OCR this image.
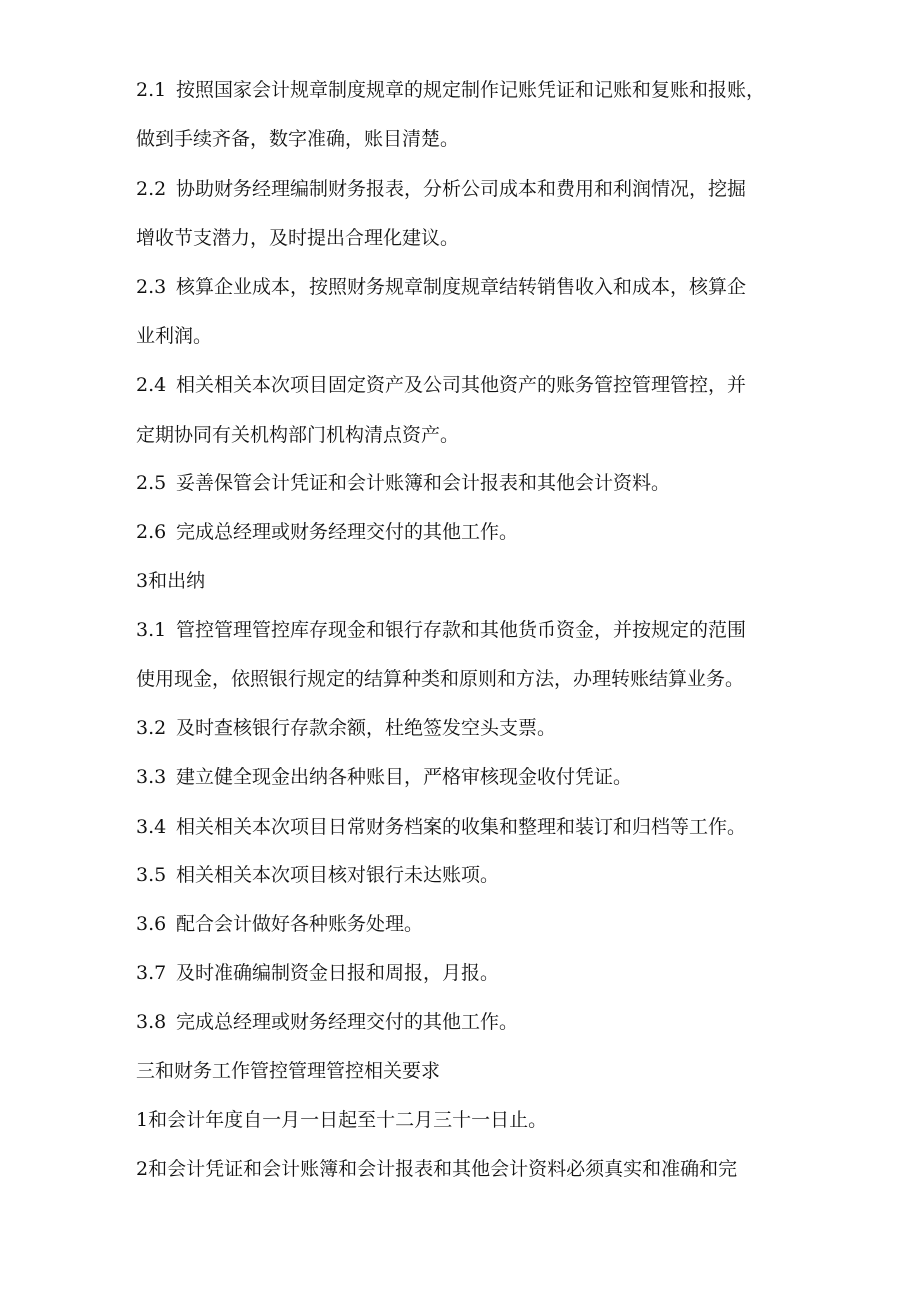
2.1 按照国家会计规章制度规章的规定制作记账凭证和记账和复账和报账，
做到手续齐备，数字准确，账目清楚。
2.2 协助财务经理编制财务报表，分析公司成本和费用和利润情况，挖掘
增收节支潜力，及时提出合理化建议。
2.3 核算企业成本，按照财务规章制度规章结转销售收入和成本，核算企
业利润。
2.4 相关相关本次项目固定资产及公司其他资产的账务管控管理管控，并
定期协同有关机构部门机构清点资产。
2.5 妥善保管会计凭证和会计账簿和会计报表和其他会计资料。
2.6 完成总经理或财务经理交付的其他工作。
3和出纳
3.1 管控管理管控库存现金和银行存款和其他货币资金，并按规定的范围
使用现金，依照银行规定的结算种类和原则和方法，办理转账结算业务。
3.2 及时查核银行存款余额，杜绝签发空头支票。
3.3 建立健全现金出纳各种账目，严格审核现金收付凭证。
3.4 相关相关本次项目日常财务档案的收集和整理和装订和归档等工作。
3.5 相关相关本次项目核对银行未达账项。
3.6 配合会计做好各种账务处理。
3.7 及时准确编制资金日报和周报，月报。
3.8 完成总经理或财务经理交付的其他工作。
三和财务工作管控管理管控相关要求
1和会计年度自一月一日起至十二月三十一日止。
2和会计凭证和会计账簿和会计报表和其他会计资料必须真实和准确和完
